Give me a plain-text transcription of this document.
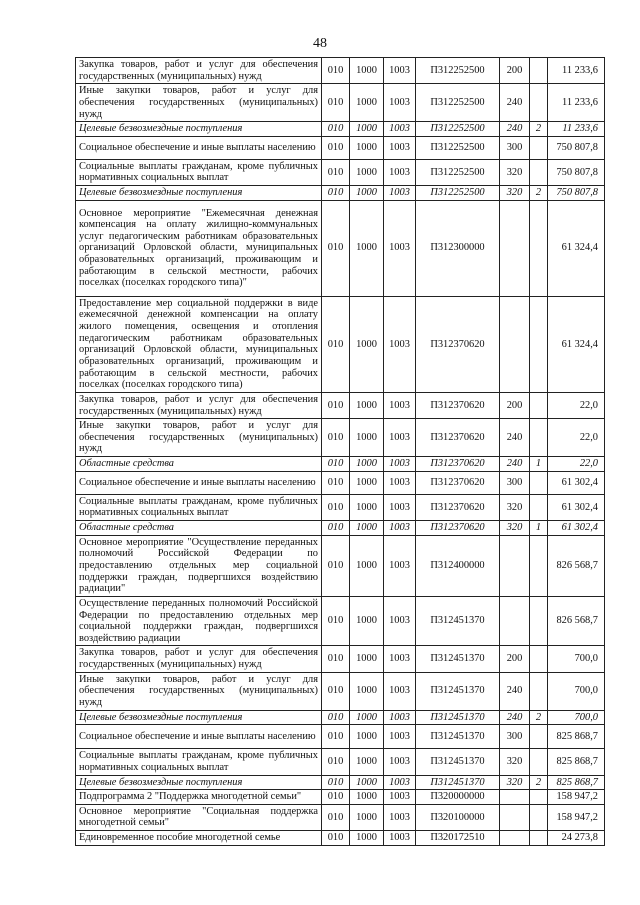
48
Закупка товаров, работ и услуг для обеспечения государственных (муниципальных) нужд	010	1000	1003	П312252500	200		11 233,6
Иные закупки товаров, работ и услуг для обеспечения государственных (муниципальных) нужд	010	1000	1003	П312252500	240		11 233,6
Целевые безвозмездные поступления	010	1000	1003	П312252500	240	2	11 233,6
Социальное обеспечение и иные выплаты населению	010	1000	1003	П312252500	300		750 807,8
Социальные выплаты гражданам, кроме публичных нормативных социальных выплат	010	1000	1003	П312252500	320		750 807,8
Целевые безвозмездные поступления	010	1000	1003	П312252500	320	2	750 807,8
Основное мероприятие "Ежемесячная денежная компенсация на оплату жилищно-коммунальных услуг педагогическим работникам образовательных организаций Орловской области, муниципальных образовательных организаций, проживающим и работающим в сельской местности, рабочих поселках (поселках городского типа)"	010	1000	1003	П312300000			61 324,4
Предоставление мер социальной поддержки в виде ежемесячной денежной компенсации на оплату жилого помещения, освещения и отопления педагогическим работникам образовательных организаций Орловской области, муниципальных образовательных организаций, проживающим и работающим в сельской местности, рабочих поселках (поселках городского типа)	010	1000	1003	П312370620			61 324,4
Закупка товаров, работ и услуг для обеспечения государственных (муниципальных) нужд	010	1000	1003	П312370620	200		22,0
Иные закупки товаров, работ и услуг для обеспечения государственных (муниципальных) нужд	010	1000	1003	П312370620	240		22,0
Областные средства	010	1000	1003	П312370620	240	1	22,0
Социальное обеспечение и иные выплаты населению	010	1000	1003	П312370620	300		61 302,4
Социальные выплаты гражданам, кроме публичных нормативных социальных выплат	010	1000	1003	П312370620	320		61 302,4
Областные средства	010	1000	1003	П312370620	320	1	61 302,4
Основное мероприятие "Осуществление переданных полномочий Российской Федерации по предоставлению отдельных мер социальной поддержки граждан, подвергшихся воздействию радиации"	010	1000	1003	П312400000			826 568,7
Осуществление переданных полномочий Российской Федерации по предоставлению отдельных мер социальной поддержки граждан, подвергшихся воздействию радиации	010	1000	1003	П312451370			826 568,7
Закупка товаров, работ и услуг для обеспечения государственных (муниципальных) нужд	010	1000	1003	П312451370	200		700,0
Иные закупки товаров, работ и услуг для обеспечения государственных (муниципальных) нужд	010	1000	1003	П312451370	240		700,0
Целевые безвозмездные поступления	010	1000	1003	П312451370	240	2	700,0
Социальное обеспечение и иные выплаты населению	010	1000	1003	П312451370	300		825 868,7
Социальные выплаты гражданам, кроме публичных нормативных социальных выплат	010	1000	1003	П312451370	320		825 868,7
Целевые безвозмездные поступления	010	1000	1003	П312451370	320	2	825 868,7
Подпрограмма 2 "Поддержка многодетной семьи"	010	1000	1003	П320000000			158 947,2
Основное мероприятие "Социальная поддержка многодетной семьи"	010	1000	1003	П320100000			158 947,2
Единовременное пособие многодетной семье	010	1000	1003	П320172510			24 273,8
